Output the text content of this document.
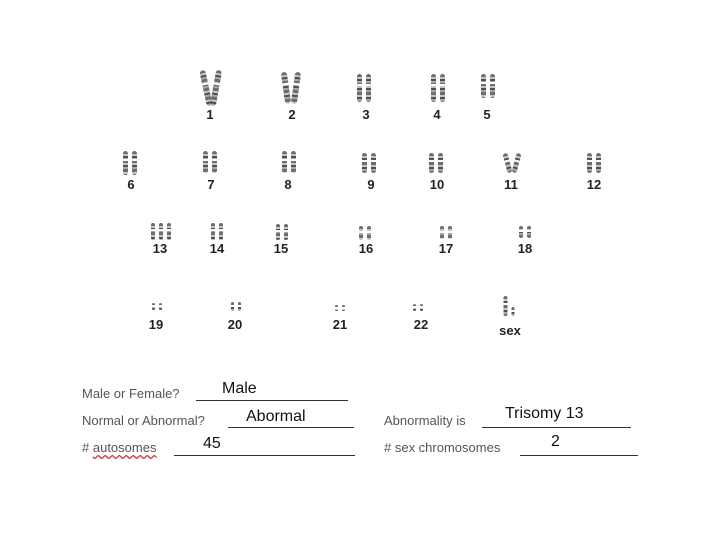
1	2	3	4	5
6	7	8	9	10	11	12
13	14	15	16	17	18
19	20	21	22	sex
Male or Female?	Male
Normal or Abnormal?	Abormal
# autosomes	45
Abnormality is Trisomy 13
# sex chromosomes	2
